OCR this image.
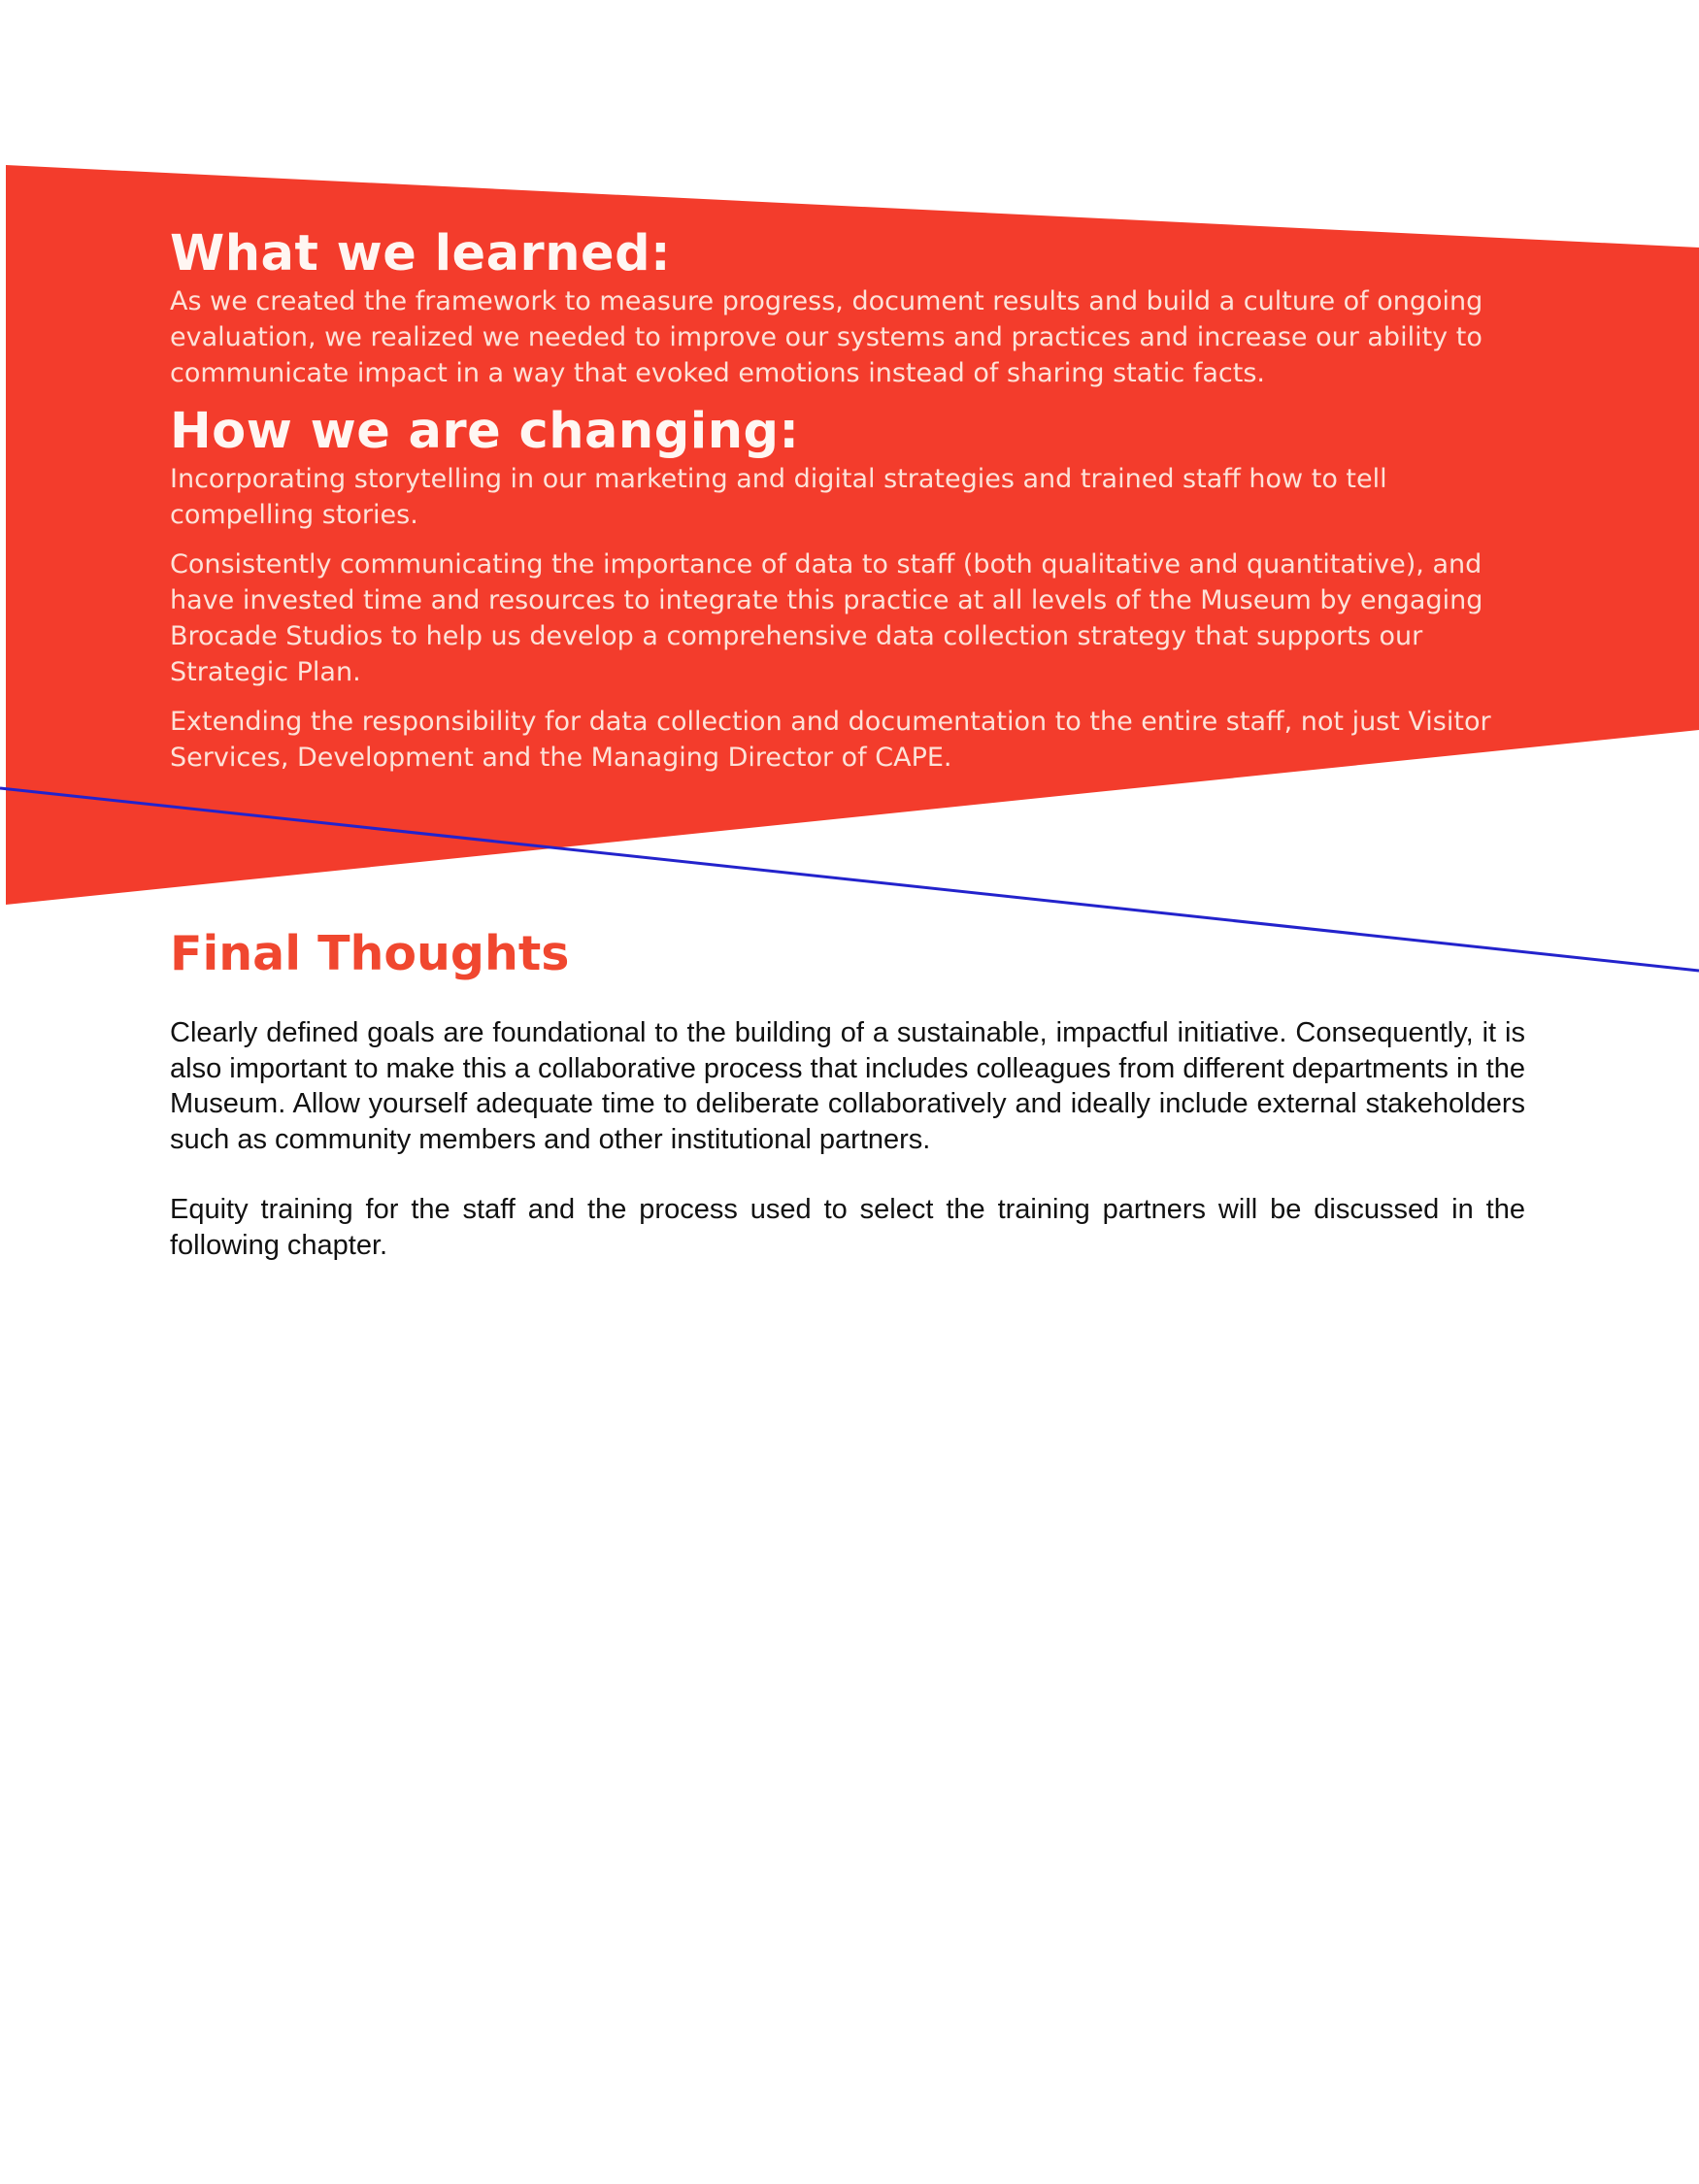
What we learned:

As we created the framework to measure progress, document results and build a culture of ongoing evaluation, we realized we needed to improve our systems and practices and increase our ability to communicate impact in a way that evoked emotions instead of sharing static facts.

How we are changing:

Incorporating storytelling in our marketing and digital strategies and trained staff how to tell compelling stories.

Consistently communicating the importance of data to staff (both qualitative and quantitative), and have invested time and resources to integrate this practice at all levels of the Museum by engaging Brocade Studios to help us develop a comprehensive data collection strategy that supports our Strategic Plan.

Extending the responsibility for data collection and documentation to the entire staff, not just Visitor Services, Development and the Managing Director of CAPE.

Final Thoughts

Clearly defined goals are foundational to the building of a sustainable, impactful initiative. Consequently, it is also important to make this a collaborative process that includes colleagues from different departments in the Museum. Allow yourself adequate time to deliberate collaboratively and ideally include external stakeholders such as community members and other institutional partners.

Equity training for the staff and the process used to select the training partners will be discussed in the following chapter.
